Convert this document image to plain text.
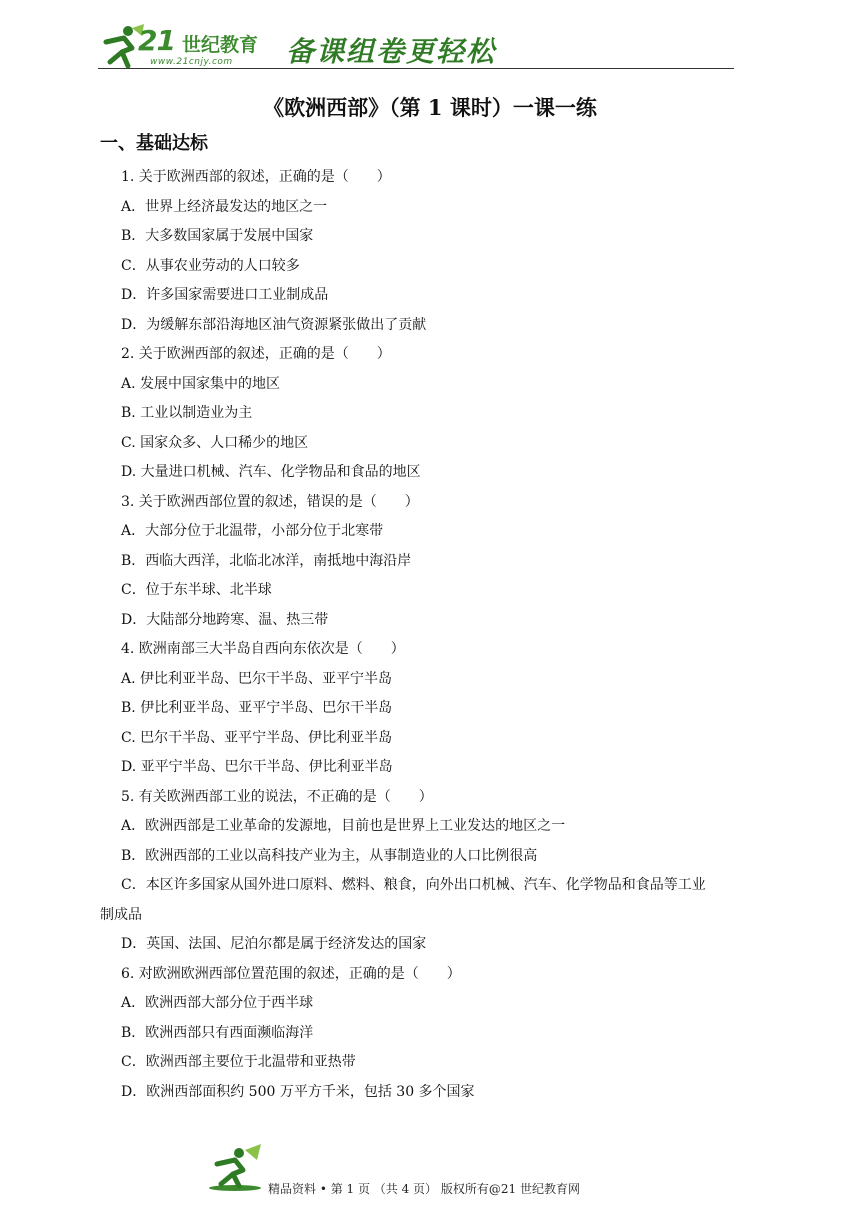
21 世纪教育
www.21cnjy.com 备课组卷更轻松
《欧洲西部》（第 1 课时）一课一练
一、基础达标
1. 关于欧洲西部的叙述，正确的是（　　）
A．世界上经济最发达的地区之一
B．大多数国家属于发展中国家
C．从事农业劳动的人口较多
D．许多国家需要进口工业制成品
D．为缓解东部沿海地区油气资源紧张做出了贡献
2. 关于欧洲西部的叙述，正确的是（　　）
A. 发展中国家集中的地区
B. 工业以制造业为主
C. 国家众多、人口稀少的地区
D. 大量进口机械、汽车、化学物品和食品的地区
3. 关于欧洲西部位置的叙述，错误的是（　　）
A．大部分位于北温带，小部分位于北寒带
B．西临大西洋，北临北冰洋，南抵地中海沿岸
C．位于东半球、北半球
D．大陆部分地跨寒、温、热三带
4. 欧洲南部三大半岛自西向东依次是（　　）
A. 伊比利亚半岛、巴尔干半岛、亚平宁半岛
B. 伊比利亚半岛、亚平宁半岛、巴尔干半岛
C. 巴尔干半岛、亚平宁半岛、伊比利亚半岛
D. 亚平宁半岛、巴尔干半岛、伊比利亚半岛
5. 有关欧洲西部工业的说法，不正确的是（　　）
A．欧洲西部是工业革命的发源地，目前也是世界上工业发达的地区之一
B．欧洲西部的工业以高科技产业为主，从事制造业的人口比例很高
C．本区许多国家从国外进口原料、燃料、粮食，向外出口机械、汽车、化学物品和食品等工业
制成品
D．英国、法国、尼泊尔都是属于经济发达的国家
6. 对欧洲欧洲西部位置范围的叙述，正确的是（　　）
A．欧洲西部大部分位于西半球
B．欧洲西部只有西面濒临海洋
C．欧洲西部主要位于北温带和亚热带
D．欧洲西部面积约 500 万平方千米，包括 30 多个国家
精品资料 • 第 1 页 （共 4 页） 版权所有@21 世纪教育网
